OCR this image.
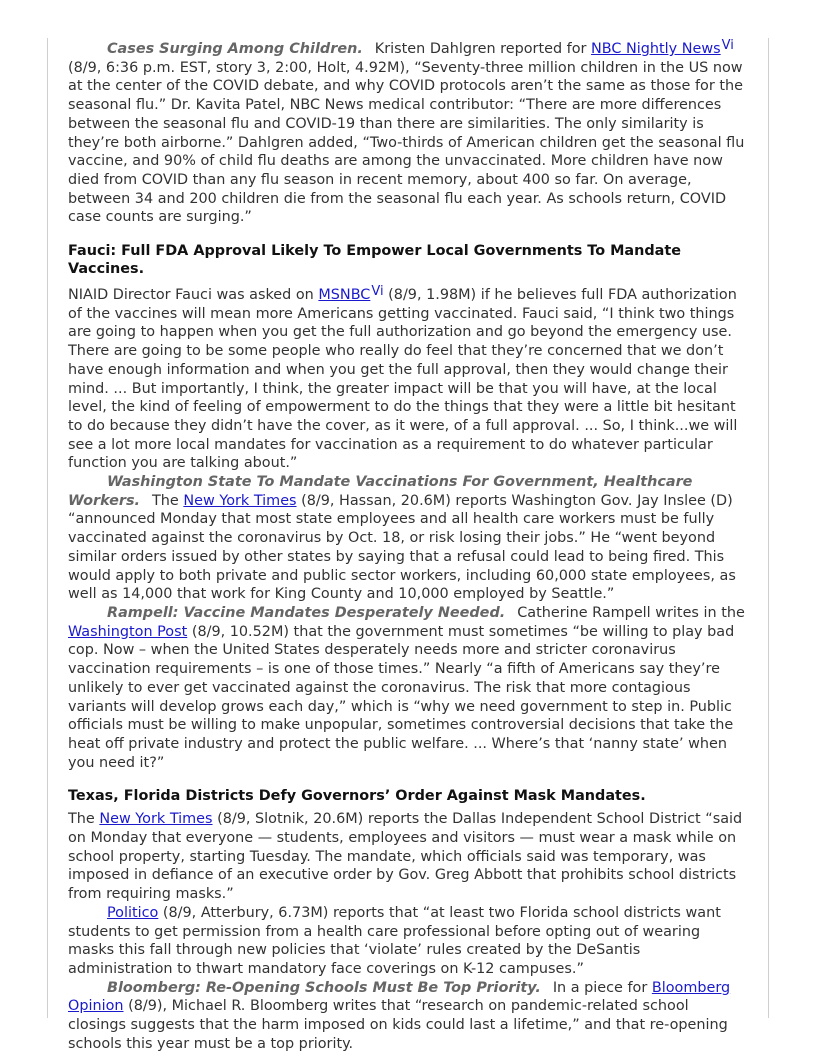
Cases Surging Among Children. Kristen Dahlgren reported for NBC Nightly NewsVi (8/9, 6:36 p.m. EST, story 3, 2:00, Holt, 4.92M), “Seventy-three million children in the US now at the center of the COVID debate, and why COVID protocols aren’t the same as those for the seasonal flu.” Dr. Kavita Patel, NBC News medical contributor: “There are more differences between the seasonal flu and COVID-19 than there are similarities. The only similarity is they’re both airborne.” Dahlgren added, “Two-thirds of American children get the seasonal flu vaccine, and 90% of child flu deaths are among the unvaccinated. More children have now died from COVID than any flu season in recent memory, about 400 so far. On average, between 34 and 200 children die from the seasonal flu each year. As schools return, COVID case counts are surging.”

Fauci: Full FDA Approval Likely To Empower Local Governments To Mandate Vaccines.

NIAID Director Fauci was asked on MSNBCVi (8/9, 1.98M) if he believes full FDA authorization of the vaccines will mean more Americans getting vaccinated. Fauci said, “I think two things are going to happen when you get the full authorization and go beyond the emergency use. There are going to be some people who really do feel that they’re concerned that we don’t have enough information and when you get the full approval, then they would change their mind. ... But importantly, I think, the greater impact will be that you will have, at the local level, the kind of feeling of empowerment to do the things that they were a little bit hesitant to do because they didn’t have the cover, as it were, of a full approval. ... So, I think...we will see a lot more local mandates for vaccination as a requirement to do whatever particular function you are talking about.”

Washington State To Mandate Vaccinations For Government, Healthcare Workers. The New York Times (8/9, Hassan, 20.6M) reports Washington Gov. Jay Inslee (D) “announced Monday that most state employees and all health care workers must be fully vaccinated against the coronavirus by Oct. 18, or risk losing their jobs.” He “went beyond similar orders issued by other states by saying that a refusal could lead to being fired. This would apply to both private and public sector workers, including 60,000 state employees, as well as 14,000 that work for King County and 10,000 employed by Seattle.”

Rampell: Vaccine Mandates Desperately Needed. Catherine Rampell writes in the Washington Post (8/9, 10.52M) that the government must sometimes “be willing to play bad cop. Now – when the United States desperately needs more and stricter coronavirus vaccination requirements – is one of those times.” Nearly “a fifth of Americans say they’re unlikely to ever get vaccinated against the coronavirus. The risk that more contagious variants will develop grows each day,” which is “why we need government to step in. Public officials must be willing to make unpopular, sometimes controversial decisions that take the heat off private industry and protect the public welfare. ... Where’s that ‘nanny state’ when you need it?”

Texas, Florida Districts Defy Governors’ Order Against Mask Mandates.

The New York Times (8/9, Slotnik, 20.6M) reports the Dallas Independent School District “said on Monday that everyone — students, employees and visitors — must wear a mask while on school property, starting Tuesday. The mandate, which officials said was temporary, was imposed in defiance of an executive order by Gov. Greg Abbott that prohibits school districts from requiring masks.”

Politico (8/9, Atterbury, 6.73M) reports that “at least two Florida school districts want students to get permission from a health care professional before opting out of wearing masks this fall through new policies that ‘violate’ rules created by the DeSantis administration to thwart mandatory face coverings on K-12 campuses.”

Bloomberg: Re-Opening Schools Must Be Top Priority. In a piece for Bloomberg Opinion (8/9), Michael R. Bloomberg writes that “research on pandemic-related school closings suggests that the harm imposed on kids could last a lifetime,” and that re-opening schools this year must be a top priority.
